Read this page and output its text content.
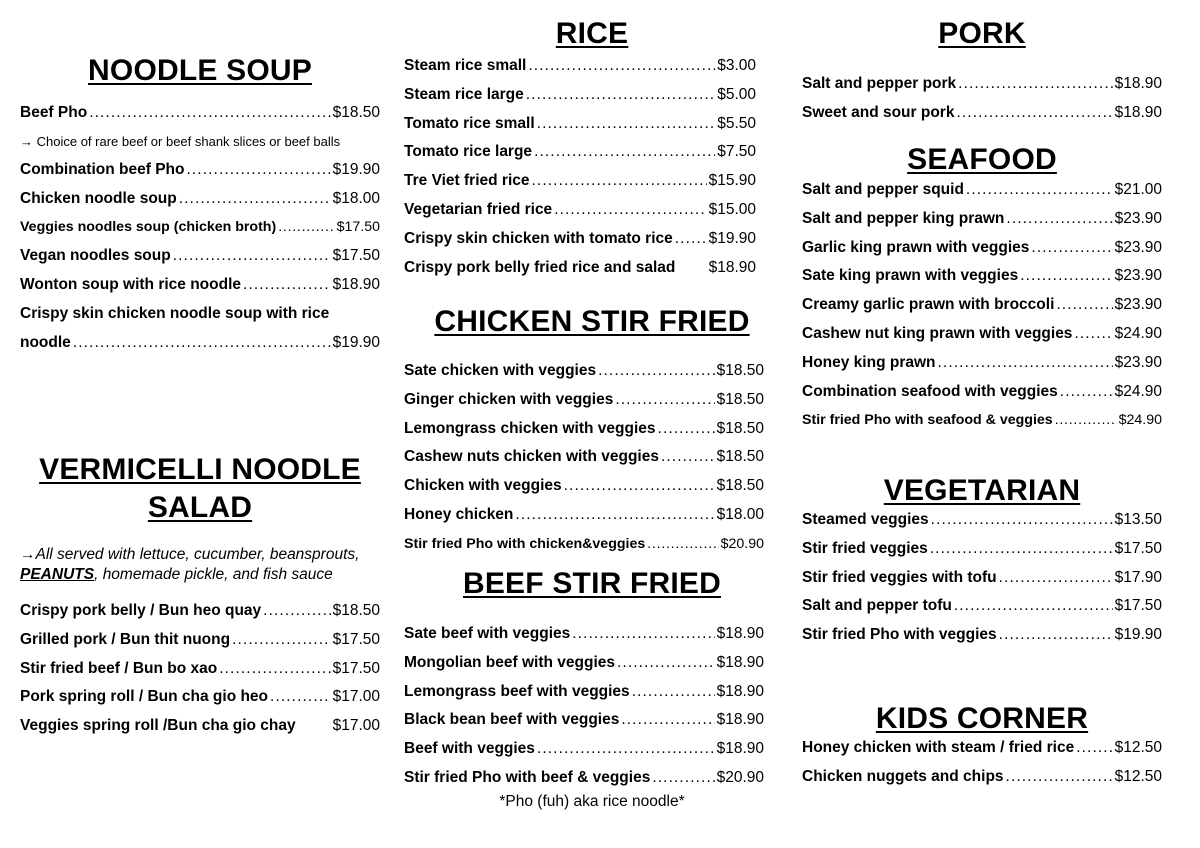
NOODLE SOUP
Beef Pho . . .	$18.50
→ Choice of rare beef or beef shank slices or beef balls
Combination beef Pho . . .	$19.90
Chicken noodle soup . . .	$18.00
Veggies noodles soup (chicken broth) . . .	$17.50
Vegan noodles soup . . .	$17.50
Wonton soup with rice noodle . . .	$18.90
Crispy skin chicken noodle soup with rice
noodle . . .	$19.90
VERMICELLI NOODLE
SALAD
→All served with lettuce, cucumber, beansprouts,
PEANUTS, homemade pickle, and fish sauce
Crispy pork belly / Bun heo quay . . .	$18.50
Grilled pork / Bun thit nuong . . .	$17.50
Stir fried beef / Bun bo xao . . .	$17.50
Pork spring roll / Bun cha gio heo . . .	$17.00
Veggies spring roll /Bun cha gio chay $17.00
RICE
Steam rice small . . .	$3.00
Steam rice large . . .	$5.00
Tomato rice small . . .	$5.50
Tomato rice large . . .	$7.50
Tre Viet fried rice . . .	$15.90
Vegetarian fried rice . . .	$15.00
Crispy skin chicken with tomato rice . . . $19.90
Crispy pork belly fried rice and salad $18.90
CHICKEN STIR FRIED
Sate chicken with veggies . . .	$18.50
Ginger chicken with veggies . . .	$18.50
Lemongrass chicken with veggies . . .	$18.50
Cashew nuts chicken with veggies . . .	$18.50
Chicken with veggies . . .	$18.50
Honey chicken . . .	$18.00
Stir fried Pho with chicken&veggies . . .	$20.90
BEEF STIR FRIED
Sate beef with veggies . . .	$18.90
Mongolian beef with veggies . . .	$18.90
Lemongrass beef with veggies . . .	$18.90
Black bean beef with veggies . . .	$18.90
Beef with veggies . . .	$18.90
Stir fried Pho with beef & veggies . . .	$20.90
*Pho (fuh) aka rice noodle*
PORK
Salt and pepper pork . . .	$18.90
Sweet and sour pork . . .	$18.90
SEAFOOD
Salt and pepper squid . . .	$21.00
Salt and pepper king prawn . . .	$23.90
Garlic king prawn with veggies . . .	$23.90
Sate king prawn with veggies . . .	$23.90
Creamy garlic prawn with broccoli . . .	$23.90
Cashew nut king prawn with veggies . . .	$24.90
Honey king prawn . . .	$23.90
Combination seafood with veggies . . .	$24.90
Stir fried Pho with seafood & veggies . . .	$24.90
VEGETARIAN
Steamed veggies . . .	$13.50
Stir fried veggies . . .	$17.50
Stir fried veggies with tofu . . .	$17.90
Salt and pepper tofu . . .	$17.50
Stir fried Pho with veggies . . .	$19.90
KIDS CORNER
Honey chicken with steam / fried rice . . .	$12.50
Chicken nuggets and chips . . .	$12.50
